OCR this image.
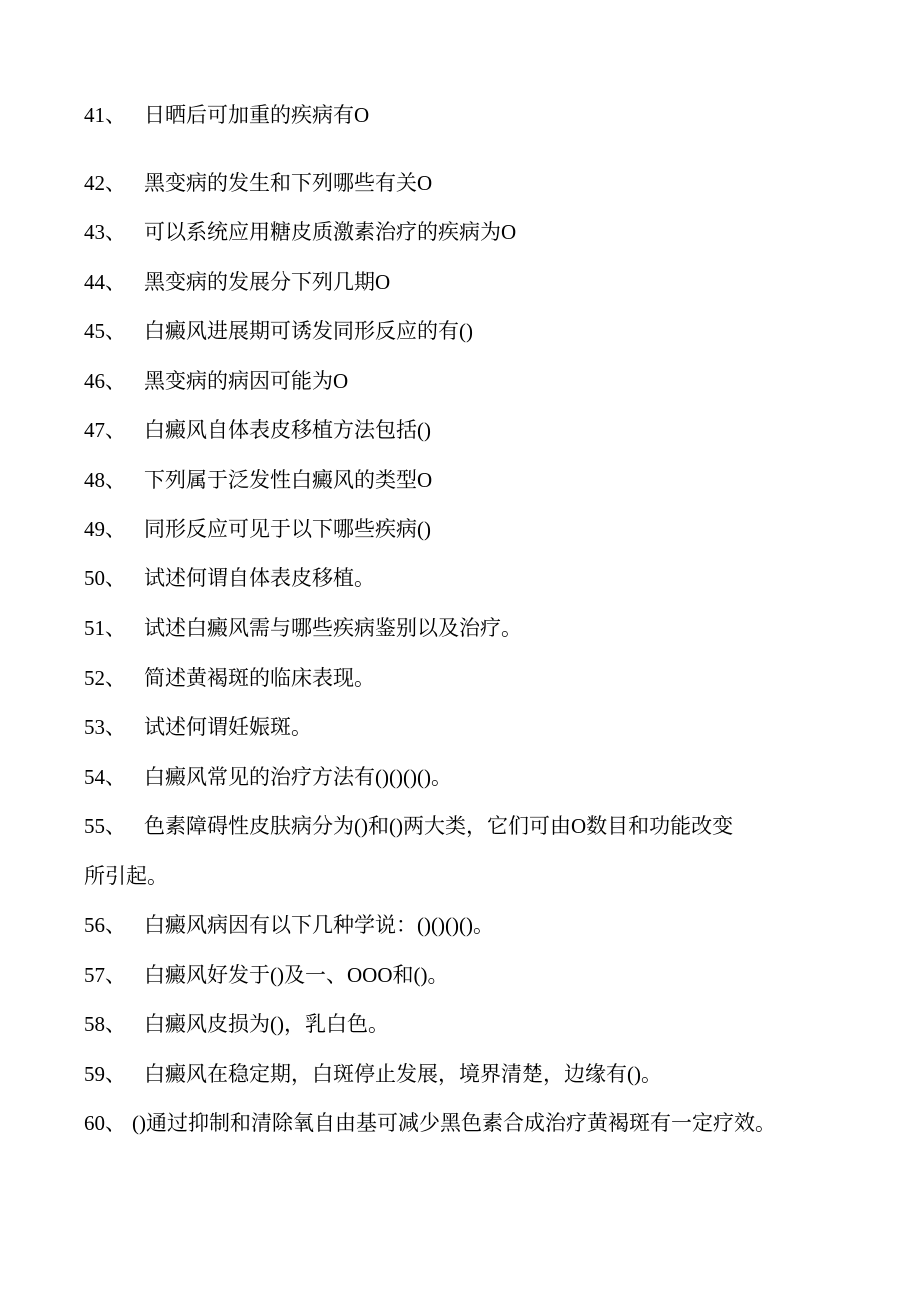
41、 日晒后可加重的疾病有O
42、 黑变病的发生和下列哪些有关O
43、 可以系统应用糖皮质激素治疗的疾病为O
44、 黑变病的发展分下列几期O
45、 白癜风进展期可诱发同形反应的有()
46、 黑变病的病因可能为O
47、 白癜风自体表皮移植方法包括()
48、 下列属于泛发性白癜风的类型O
49、 同形反应可见于以下哪些疾病()
50、 试述何谓自体表皮移植。
51、 试述白癜风需与哪些疾病鉴别以及治疗。
52、 简述黄褐斑的临床表现。
53、 试述何谓妊娠斑。
54、 白癜风常见的治疗方法有()()()()。
55、 色素障碍性皮肤病分为()和()两大类，它们可由O数目和功能改变
所引起。
56、 白癜风病因有以下几种学说：()()()()。
57、 白癜风好发于()及一、OOO和()。
58、 白癜风皮损为()，乳白色。
59、 白癜风在稳定期，白斑停止发展，境界清楚，边缘有()。
60、 ()通过抑制和清除氧自由基可减少黑色素合成治疗黄褐斑有一定疗效。
